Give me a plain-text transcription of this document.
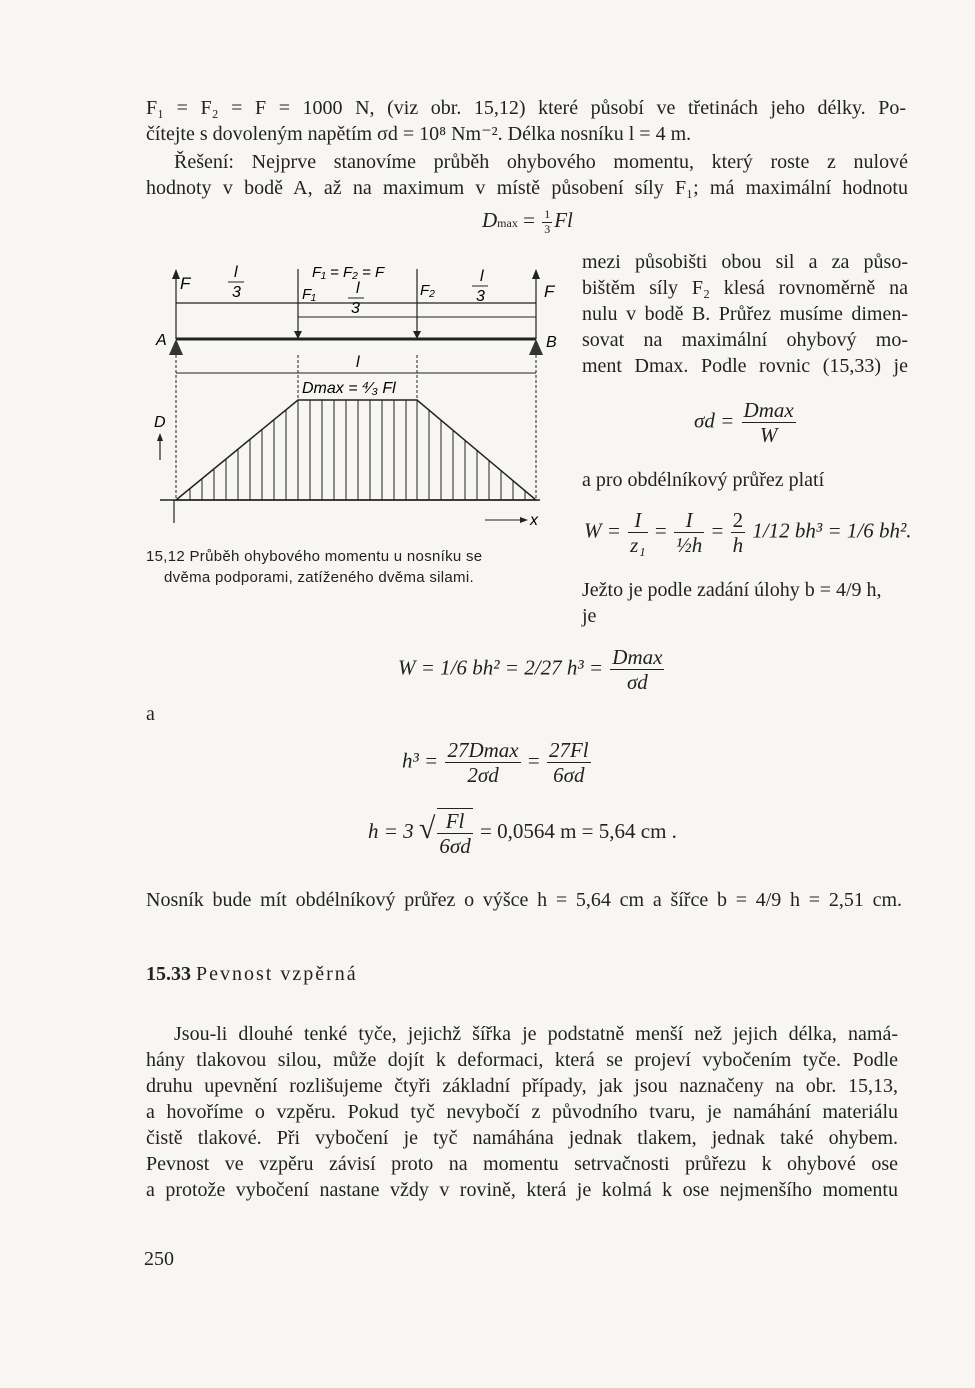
F₁ = F₂ = F = 1000 N, (viz obr. 15,12) které působí ve třetinách jeho délky. Po-
čítejte s dovoleným napětím σd = 10⁸ Nm⁻². Délka nosníku l = 4 m.
Řešení: Nejprve stanovíme průběh ohybového momentu, který roste z nulové
hodnoty v bodě A, až na maximum v místě působení síly F₁; má maximální hodnotu
$Dmax = \frac{1}{3}$ Fl
F	F
l
3
F₁ = F₂ = F
F₁	l
3
F₂
l
3
A	B
l
Dmax = ⁴⁄₃ Fl
D
x
15,12 Průběh ohybového momentu u nosníku se
dvěma podporami, zatíženého dvěma silami.
mezi působišti obou sil a za půso-
bištěm síly F₂ klesá rovnoměrně na
nulu v bodě B. Průřez musíme dimen-
sovat na maximální ohybový mo-
ment Dmax. Podle rovnic (15,33) je
$\sigma d = \frac{Dmax}{W}$
a pro obdélníkový průřez platí
$W = \frac{I}{\text{z₁}} = \frac{I}{\text{½h}} = \frac{2}{h} 1/12$ bh³ = 1/6 bh².
Ježto je podle zadání úlohy b = 4/9 h,
je
W = 1/6 bh² = 2/27 $h^3 = \frac{Dmax}{\sigma d}$
a
$h^3 = \frac{27Dmax}{2\sigma d} = \frac{27Fl}{6\sigma d}$
h = 3 √ $\frac{Fl}{6\sigma d} = 0,0564$ m = 5,64 cm .
Nosník bude mít obdélníkový průřez o výšce h = 5,64 cm a šířce b = 4/9 h = 2,51 cm.
15.33 Pevnost vzpěrná
Jsou-li dlouhé tenké tyče, jejichž šířka je podstatně menší než jejich délka, namá-
hány tlakovou silou, může dojít k deformaci, která se projeví vybočením tyče. Podle
druhu upevnění rozlišujeme čtyři základní případy, jak jsou naznačeny na obr. 15,13,
a hovoříme o vzpěru. Pokud tyč nevybočí z původního tvaru, je namáhání materiálu
čistě tlakové. Při vybočení je tyč namáhána jednak tlakem, jednak také ohybem.
Pevnost ve vzpěru závisí proto na momentu setrvačnosti průřezu k ohybové ose
a protože vybočení nastane vždy v rovině, která je kolmá k ose nejmenšího momentu
250
